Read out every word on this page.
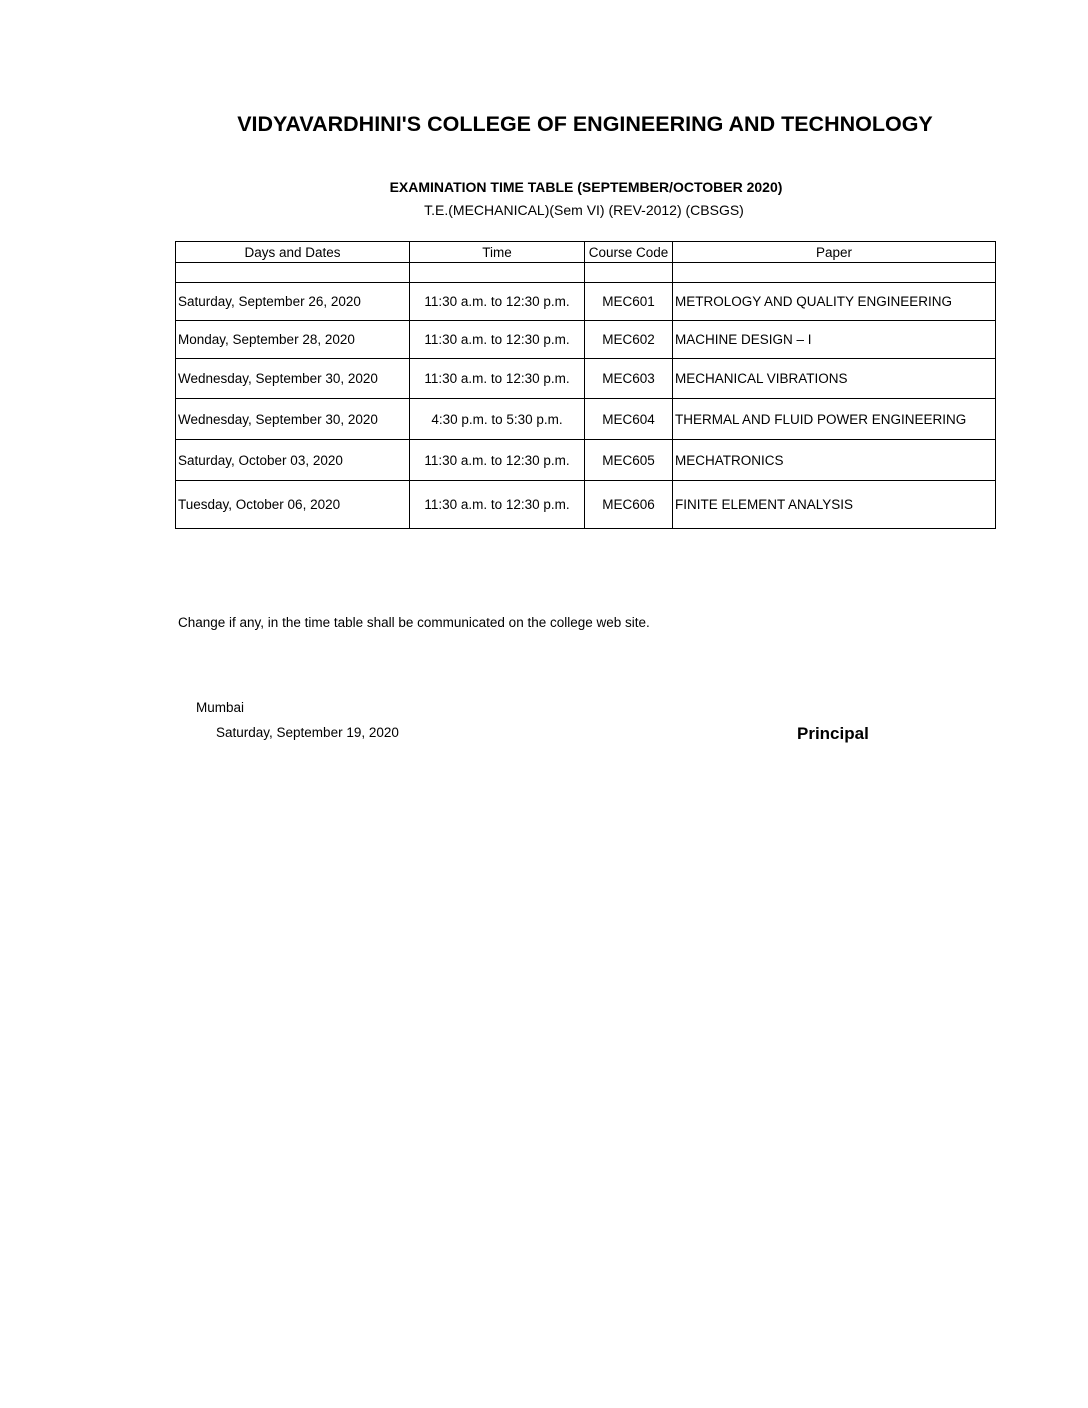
VIDYAVARDHINI'S COLLEGE OF ENGINEERING AND TECHNOLOGY
EXAMINATION TIME TABLE (SEPTEMBER/OCTOBER 2020)
T.E.(MECHANICAL)(Sem VI) (REV-2012) (CBSGS)
Days and Dates	Time	Course Code	Paper

Saturday, September 26, 2020	11:30 a.m. to 12:30 p.m.	MEC601	METROLOGY AND QUALITY ENGINEERING
Monday, September 28, 2020	11:30 a.m. to 12:30 p.m.	MEC602	MACHINE DESIGN – I
Wednesday, September 30, 2020	11:30 a.m. to 12:30 p.m.	MEC603	MECHANICAL VIBRATIONS
Wednesday, September 30, 2020	4:30 p.m. to 5:30 p.m.	MEC604	THERMAL AND FLUID POWER ENGINEERING
Saturday, October 03, 2020	11:30 a.m. to 12:30 p.m.	MEC605	MECHATRONICS
Tuesday, October 06, 2020	11:30 a.m. to 12:30 p.m.	MEC606	FINITE ELEMENT ANALYSIS
Change if any, in the time table shall be communicated on the college web site.
Mumbai
Saturday, September 19, 2020	Principal
